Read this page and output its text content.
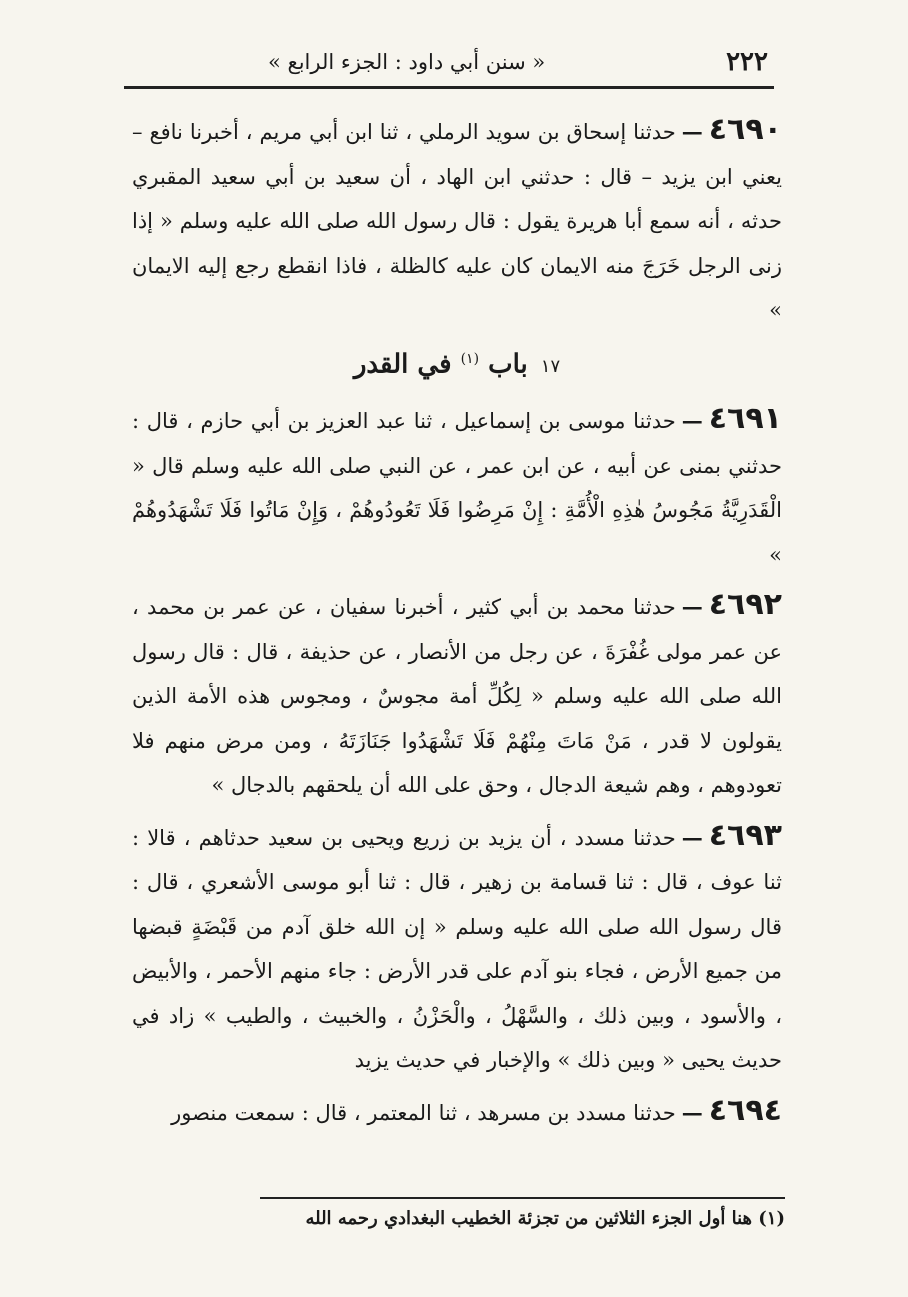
٢٢٢
« سنن أبي داود : الجزء الرابع »

٤٦٩٠—حدثنا إسحاق بن سويد الرملي ، ثنا ابن أبي مريم ، أخبرنا نافع – يعني ابن يزيد – قال : حدثني ابن الهاد ، أن سعيد بن أبي سعيد المقبري حدثه ، أنه سمع أبا هريرة يقول : قال رسول الله صلى الله عليه وسلم « إذا زنى الرجل خَرَجَ منه الايمان كان عليه كالظلة ، فاذا انقطع رجع إليه الايمان »

١٧ باب $^{(١)}$ في القدر

٤٦٩١—حدثنا موسى بن إسماعيل ، ثنا عبد العزيز بن أبي حازم ، قال : حدثني بمنى عن أبيه ، عن ابن عمر ، عن النبي صلى الله عليه وسلم قال « الْقَدَرِيَّةُ مَجُوسُ هٰذِهِ الْأُمَّةِ : إِنْ مَرِضُوا فَلَا تَعُودُوهُمْ ، وَإِنْ مَاتُوا فَلَا تَشْهَدُوهُمْ »

٤٦٩٢—حدثنا محمد بن أبي كثير ، أخبرنا سفيان ، عن عمر بن محمد ، عن عمر مولى غُفْرَةَ ، عن رجل من الأنصار ، عن حذيفة ، قال : قال رسول الله صلى الله عليه وسلم « لِكُلِّ أمة مجوسٌ ، ومجوس هذه الأمة الذين يقولون لا قدر ، مَنْ مَاتَ مِنْهُمْ فَلَا تَشْهَدُوا جَنَازَتَهُ ، ومن مرض منهم فلا تعودوهم ، وهم شيعة الدجال ، وحق على الله أن يلحقهم بالدجال »

٤٦٩٣—حدثنا مسدد ، أن يزيد بن زريع ويحيى بن سعيد حدثاهم ، قالا : ثنا عوف ، قال : ثنا قسامة بن زهير ، قال : ثنا أبو موسى الأشعري ، قال : قال رسول الله صلى الله عليه وسلم « إن الله خلق آدم من قَبْضَةٍ قبضها من جميع الأرض ، فجاء بنو آدم على قدر الأرض : جاء منهم الأحمر ، والأبيض ، والأسود ، وبين ذلك ، والسَّهْلُ ، والْحَزْنُ ، والخبيث ، والطيب » زاد في حديث يحيى « وبين ذلك » والإخبار في حديث يزيد

٤٦٩٤—حدثنا مسدد بن مسرهد ، ثنا المعتمر ، قال : سمعت منصور

(١) هنا أول الجزء الثلاثين من تجزئة الخطيب البغدادي رحمه الله
